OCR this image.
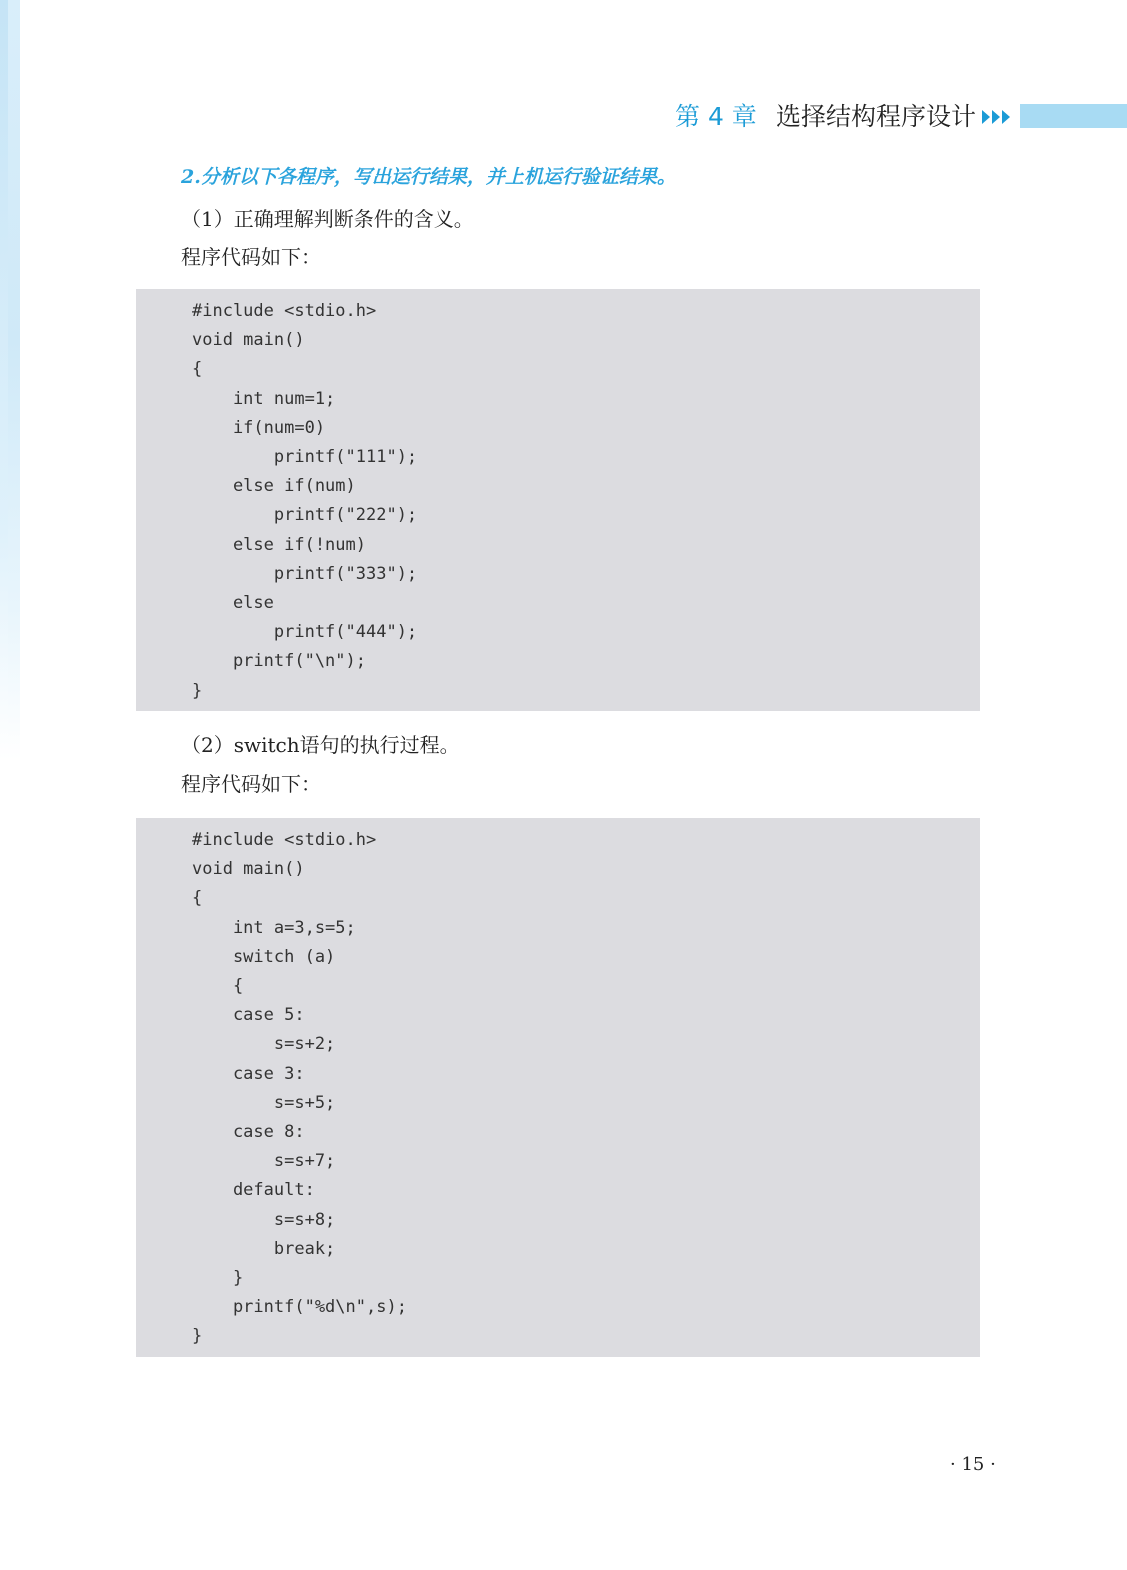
第 4 章 选择结构程序设计
2.分析以下各程序，写出运行结果，并上机运行验证结果。
（1）正确理解判断条件的含义。
程序代码如下：
#include <stdio.h>
void main()
{
int num=1;
if(num=0)
printf("111");
else if(num)
printf("222");
else if(!num)
printf("333");
else
printf("444");
printf("\n");
}
（2）switch语句的执行过程。
程序代码如下：
#include <stdio.h>
void main()
{
int a=3,s=5;
switch (a)
{
case 5:
s=s+2;
case 3:
s=s+5;
case 8:
s=s+7;
default:
s=s+8;
break;
}
printf("%d\n",s);
}
· 15 ·
